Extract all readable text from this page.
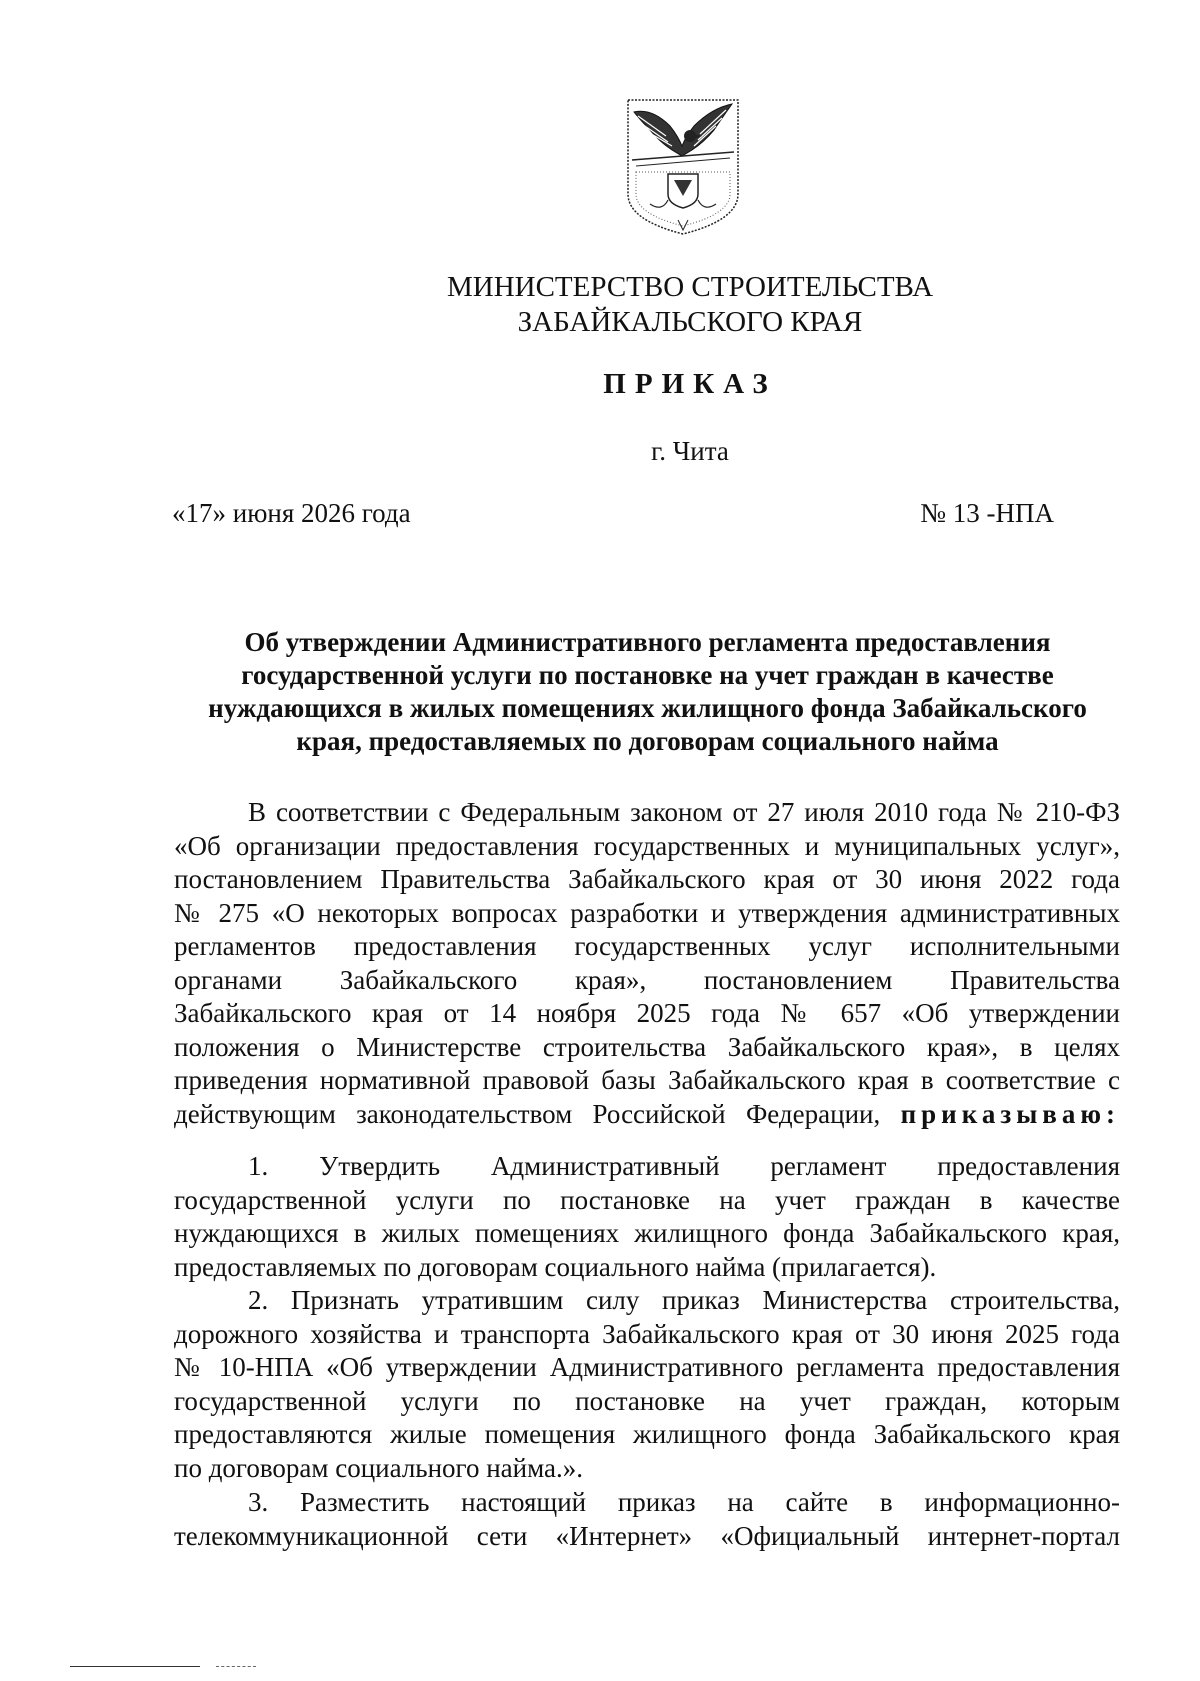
МИНИСТЕРСТВО СТРОИТЕЛЬСТВА
ЗАБАЙКАЛЬСКОГО КРАЯ
ПРИКАЗ
г. Чита
«17» июня 2026 года	№ 13 -НПА
Об утверждении Административного регламента предоставления
государственной услуги по постановке на учет граждан в качестве
нуждающихся в жилых помещениях жилищного фонда Забайкальского
края, предоставляемых по договорам социального найма
В соответствии с Федеральным законом от 27 июля 2010 года № 210-ФЗ
«Об организации предоставления государственных и муниципальных услуг»,
постановлением Правительства Забайкальского края от 30 июня 2022 года
№ 275 «О некоторых вопросах разработки и утверждения административных
регламентов предоставления государственных услуг исполнительными
органами Забайкальского края», постановлением Правительства
Забайкальского края от 14 ноября 2025 года № 657 «Об утверждении
положения о Министерстве строительства Забайкальского края», в целях
приведения нормативной правовой базы Забайкальского края в соответствие с
действующим законодательством Российской Федерации, приказываю:
1. Утвердить Административный регламент предоставления
государственной услуги по постановке на учет граждан в качестве
нуждающихся в жилых помещениях жилищного фонда Забайкальского края,
предоставляемых по договорам социального найма (прилагается).
2. Признать утратившим силу приказ Министерства строительства,
дорожного хозяйства и транспорта Забайкальского края от 30 июня 2025 года
№ 10-НПА «Об утверждении Административного регламента предоставления
государственной услуги по постановке на учет граждан, которым
предоставляются жилые помещения жилищного фонда Забайкальского края
по договорам социального найма.».
3. Разместить настоящий приказ на сайте в информационно-
телекоммуникационной сети «Интернет» «Официальный интернет-портал
